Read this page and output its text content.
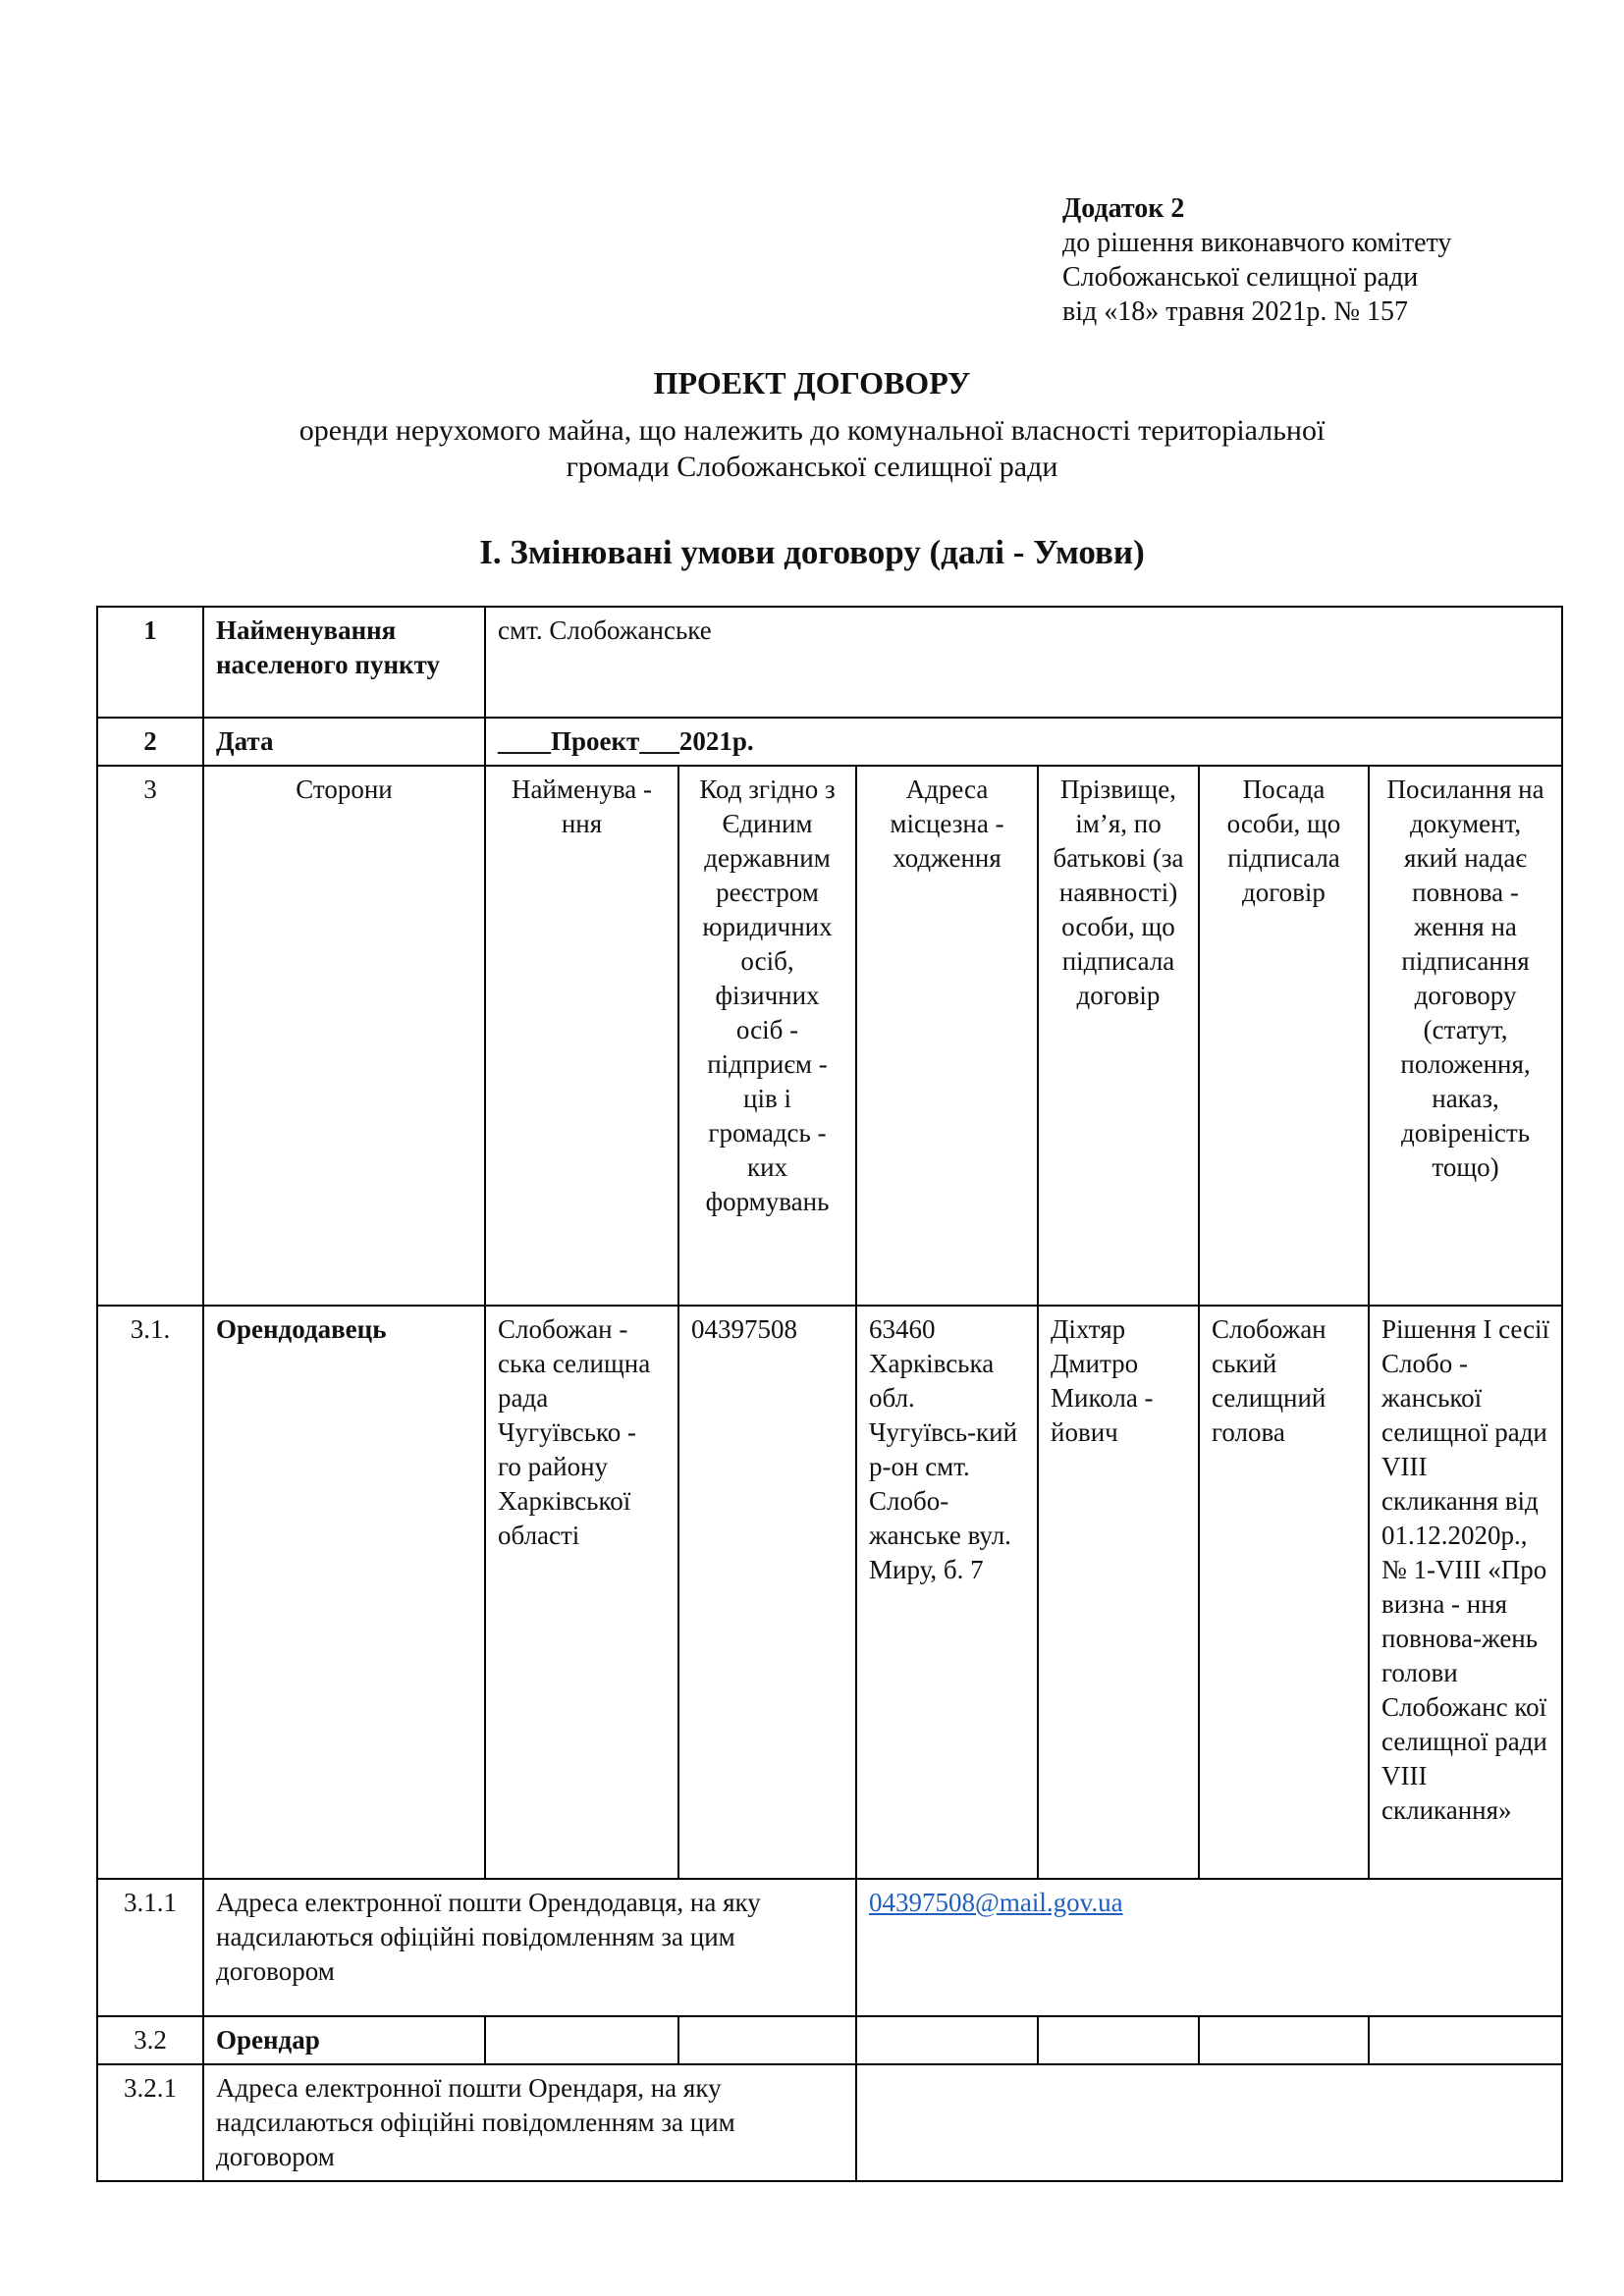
Додаток 2
до рішення виконавчого комітету
Слобожанської селищної ради
від «18» травня 2021р. № 157
ПРОЕКТ ДОГОВОРУ
оренди нерухомого майна, що належить до комунальної власності територіальної
громади Слобожанської селищної ради
I. Змінювані умови договору (далі - Умови)
1	Найменування населеного пункту	смт. Слобожанське					
2	Дата	____Проект___2021р.					
3	Сторони	Найменува - ння	Код згідно з Єдиним державним реєстром юридичних осіб, фізичних осіб - підприєм - ців і громадсь - ких формувань	Адреса місцезна - ходження	Прізвище, ім’я, по батькові (за наявності) особи, що підписала договір	Посада особи, що підписала договір	Посилання на документ, який надає повнова - ження на підписання договору (статут, положення, наказ, довіреність тощо)
3.1.	Орендодавець	Слобожан - ська селищна рада Чугуївсько - го району Харківської області	04397508	63460 Харківська обл. Чугуївсь-кий р-он смт. Слобо-жанське вул. Миру, б. 7	Діхтяр Дмитро Микола - йович	Слобожан ський селищний голова	Рішення I сесії Слобо - жанської селищної ради VIII скликання від 01.12.2020р., № 1-VIII «Про визна - ння повнова-жень голови Слобожанс кої селищної ради VIII скликання»
3.1.1	Адреса електронної пошти Орендодавця, на яку надсилаються офіційні повідомленням за цим договором			04397508@mail.gov.ua			
3.2	Орендар						
3.2.1	Адреса електронної пошти Орендаря, на яку надсилаються офіційні повідомленням за цим договором						
